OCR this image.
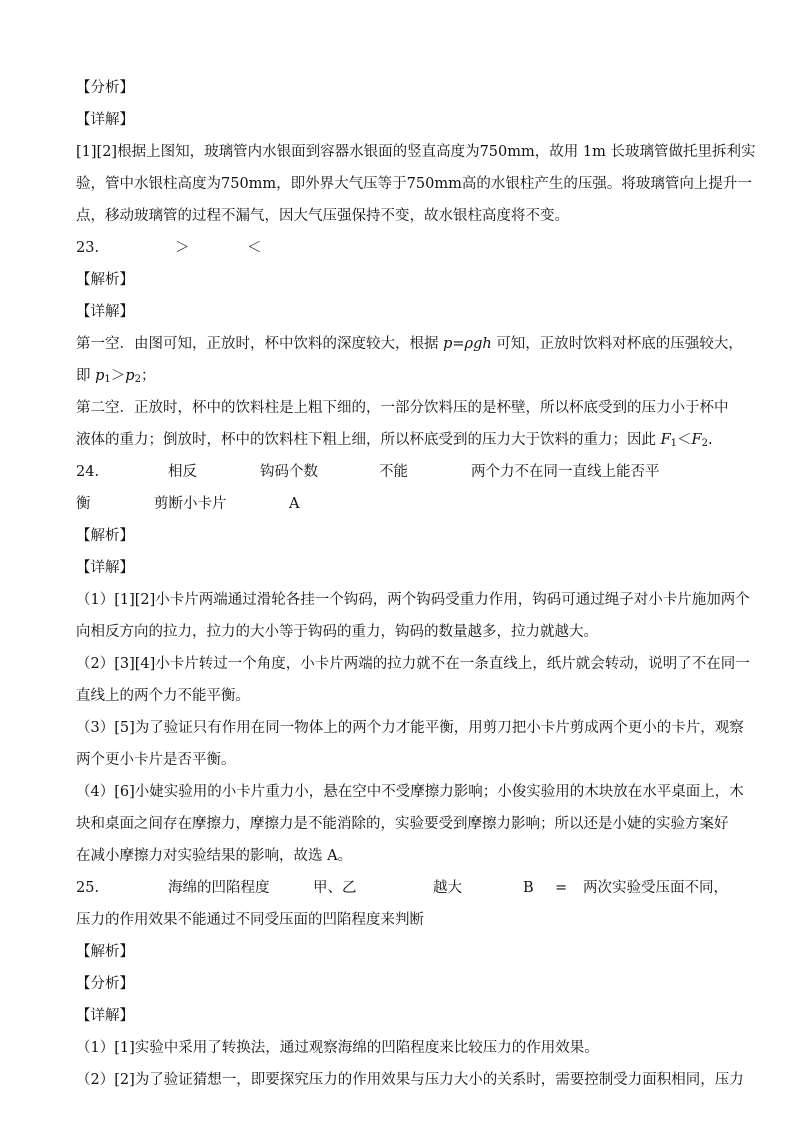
【分析】
【详解】
[1][2]根据上图知，玻璃管内水银面到容器水银面的竖直高度为750mm，故用 1m 长玻璃管做托里拆利实
验，管中水银柱高度为750mm，即外界大气压等于750mm高的水银柱产生的压强。将玻璃管向上提升一
点，移动玻璃管的过程不漏气，因大气压强保持不变，故水银柱高度将不变。
23.	＞	＜
【解析】
【详解】
第一空．由图可知，正放时，杯中饮料的深度较大，根据 p=ρgh 可知，正放时饮料对杯底的压强较大，
即 $p_1>p_2$；
第二空．正放时，杯中的饮料柱是上粗下细的，一部分饮料压的是杯壁，所以杯底受到的压力小于杯中
液体的重力；倒放时，杯中的饮料柱下粗上细，所以杯底受到的压力大于饮料的重力；因此 $F_1<F_2$.
24.	相反	钩码个数	不能	两个力不在同一直线上能否平
衡	剪断小卡片	A
【解析】
【详解】
（1）[1][2]小卡片两端通过滑轮各挂一个钩码，两个钩码受重力作用，钩码可通过绳子对小卡片施加两个
向相反方向的拉力，拉力的大小等于钩码的重力，钩码的数量越多，拉力就越大。
（2）[3][4]小卡片转过一个角度，小卡片两端的拉力就不在一条直线上，纸片就会转动，说明了不在同一
直线上的两个力不能平衡。
（3）[5]为了验证只有作用在同一物体上的两个力才能平衡，用剪刀把小卡片剪成两个更小的卡片，观察
两个更小卡片是否平衡。
（4）[6]小婕实验用的小卡片重力小，悬在空中不受摩擦力影响；小俊实验用的木块放在水平桌面上，木
块和桌面之间存在摩擦力，摩擦力是不能消除的，实验要受到摩擦力影响；所以还是小婕的实验方案好
在减小摩擦力对实验结果的影响，故选 A。
25.	海绵的凹陷程度	甲、乙	越大	B = 两次实验受压面不同，
压力的作用效果不能通过不同受压面的凹陷程度来判断
【解析】
【分析】
【详解】
（1）[1]实验中采用了转换法，通过观察海绵的凹陷程度来比较压力的作用效果。
（2）[2]为了验证猜想一，即要探究压力的作用效果与压力大小的关系时，需要控制受力面积相同，压力
